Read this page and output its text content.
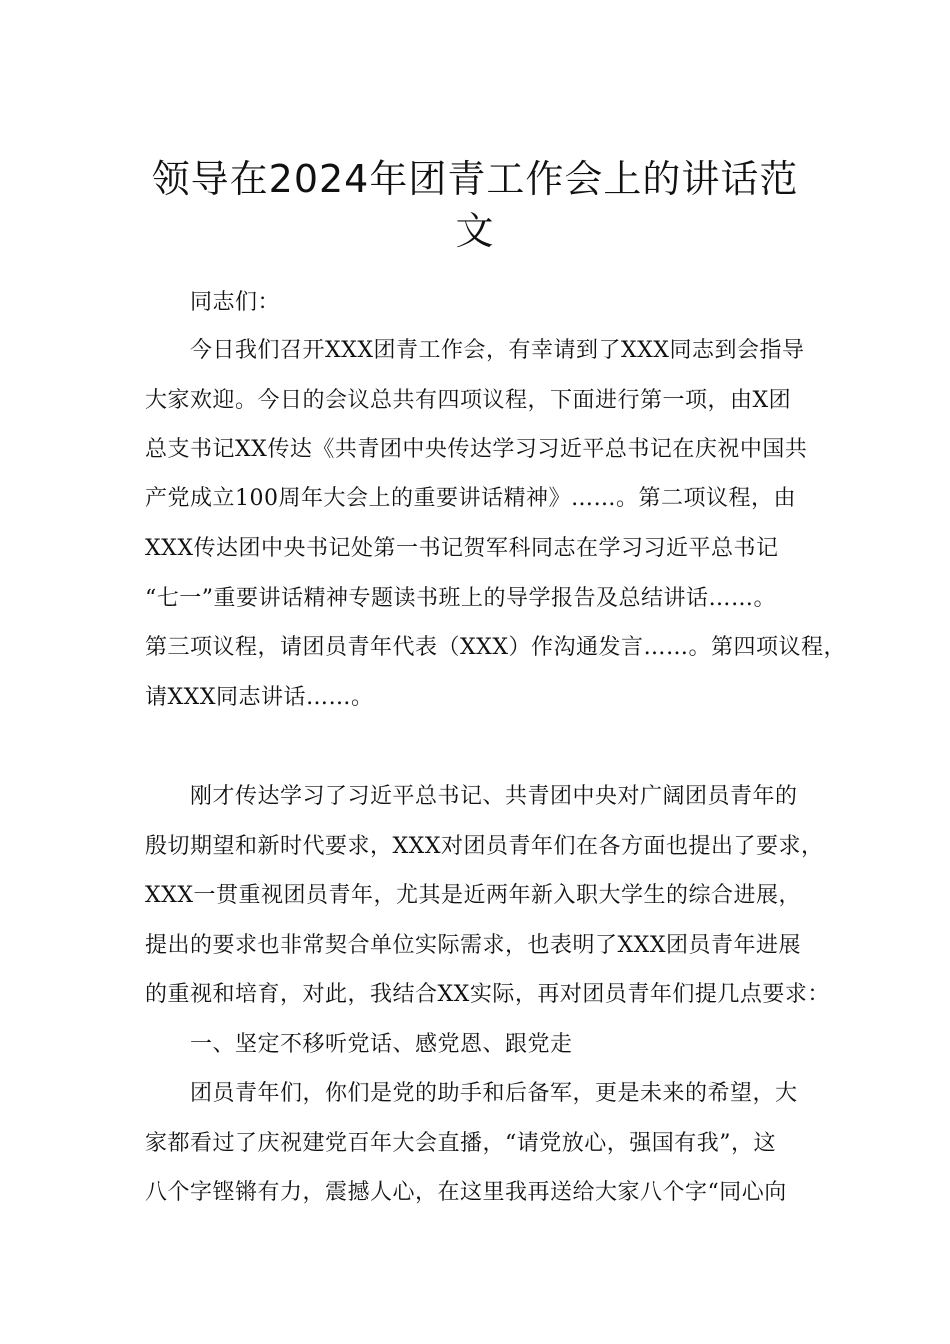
领导在2024年团青工作会上的讲话范
文
同志们：
今日我们召开XXX团青工作会，有幸请到了XXX同志到会指导
大家欢迎。今日的会议总共有四项议程，下面进行第一项，由X团
总支书记XX传达《共青团中央传达学习习近平总书记在庆祝中国共
产党成立100周年大会上的重要讲话精神》……。第二项议程，由
XXX传达团中央书记处第一书记贺军科同志在学习习近平总书记
“七一”重要讲话精神专题读书班上的导学报告及总结讲话……。
第三项议程，请团员青年代表（XXX）作沟通发言……。第四项议程，
请XXX同志讲话……。
刚才传达学习了习近平总书记、共青团中央对广阔团员青年的
殷切期望和新时代要求，XXX对团员青年们在各方面也提出了要求，
XXX一贯重视团员青年，尤其是近两年新入职大学生的综合进展，
提出的要求也非常契合单位实际需求，也表明了XXX团员青年进展
的重视和培育，对此，我结合XX实际，再对团员青年们提几点要求：
一、坚定不移听党话、感党恩、跟党走
团员青年们，你们是党的助手和后备军，更是未来的希望，大
家都看过了庆祝建党百年大会直播，“请党放心，强国有我”，这
八个字铿锵有力，震撼人心，在这里我再送给大家八个字“同心向
